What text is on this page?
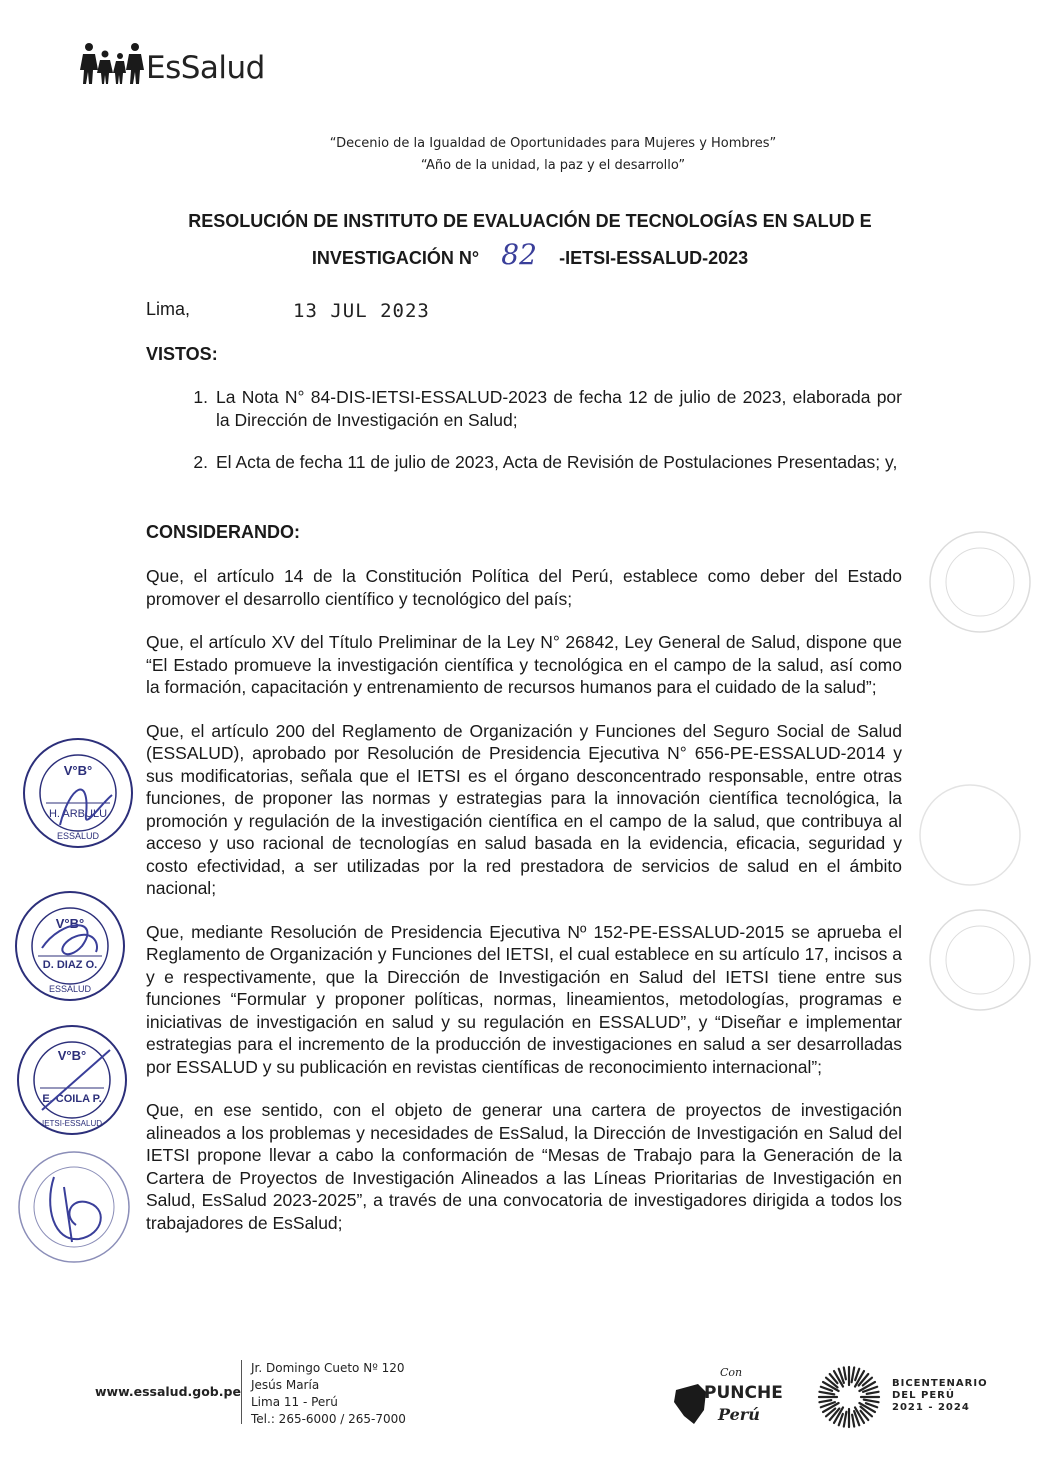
EsSalud
“Decenio de la Igualdad de Oportunidades para Mujeres y Hombres”
“Año de la unidad, la paz y el desarrollo”
RESOLUCIÓN DE INSTITUTO DE EVALUACIÓN DE TECNOLOGÍAS EN SALUD E
INVESTIGACIÓN N° 82 -IETSI-ESSALUD-2023
Lima,	13 JUL 2023
VISTOS:
1. La Nota N° 84-DIS-IETSI-ESSALUD-2023 de fecha 12 de julio de 2023, elaborada por la Dirección de Investigación en Salud;
2. El Acta de fecha 11 de julio de 2023, Acta de Revisión de Postulaciones Presentadas; y,
CONSIDERANDO:

Que, el artículo 14 de la Constitución Política del Perú, establece como deber del Estado promover el desarrollo científico y tecnológico del país;

Que, el artículo XV del Título Preliminar de la Ley N° 26842, Ley General de Salud, dispone que “El Estado promueve la investigación científica y tecnológica en el campo de la salud, así como la formación, capacitación y entrenamiento de recursos humanos para el cuidado de la salud”;

Que, el artículo 200 del Reglamento de Organización y Funciones del Seguro Social de Salud (ESSALUD), aprobado por Resolución de Presidencia Ejecutiva N° 656-PE-ESSALUD-2014 y sus modificatorias, señala que el IETSI es el órgano desconcentrado responsable, entre otras funciones, de proponer las normas y estrategias para la innovación científica tecnológica, la promoción y regulación de la investigación científica en el campo de la salud, que contribuya al acceso y uso racional de tecnologías en salud basada en la evidencia, eficacia, seguridad y costo efectividad, a ser utilizadas por la red prestadora de servicios de salud en el ámbito nacional;

Que, mediante Resolución de Presidencia Ejecutiva Nº 152-PE-ESSALUD-2015 se aprueba el Reglamento de Organización y Funciones del IETSI, el cual establece en su artículo 17, incisos a y e respectivamente, que la Dirección de Investigación en Salud del IETSI tiene entre sus funciones “Formular y proponer políticas, normas, lineamientos, metodologías, programas e iniciativas de investigación en salud y su regulación en ESSALUD”, y “Diseñar e implementar estrategias para el incremento de la producción de investigaciones en salud a ser desarrolladas por ESSALUD y su publicación en revistas científicas de reconocimiento internacional”;

Que, en ese sentido, con el objeto de generar una cartera de proyectos de investigación alineados a los problemas y necesidades de EsSalud, la Dirección de Investigación en Salud del IETSI propone llevar a cabo la conformación de “Mesas de Trabajo para la Generación de la Cartera de Proyectos de Investigación Alineados a las Líneas Prioritarias de Investigación en Salud, EsSalud 2023-2025”, a través de una convocatoria de investigadores dirigida a todos los trabajadores de EsSalud;

V°B°
H. ARBULU
ESSALUD
V°B°
D. DIAZ O.
ESSALUD
V°B°
E. COILA P.
IETSI-ESSALUD
www.essalud.gob.pe
Jr. Domingo Cueto Nº 120
Jesús María
Lima 11 - Perú
Tel.: 265-6000 / 265-7000
Con
PUNCHE
Perú
BICENTENARIO
DEL PERÚ
2021 - 2024
